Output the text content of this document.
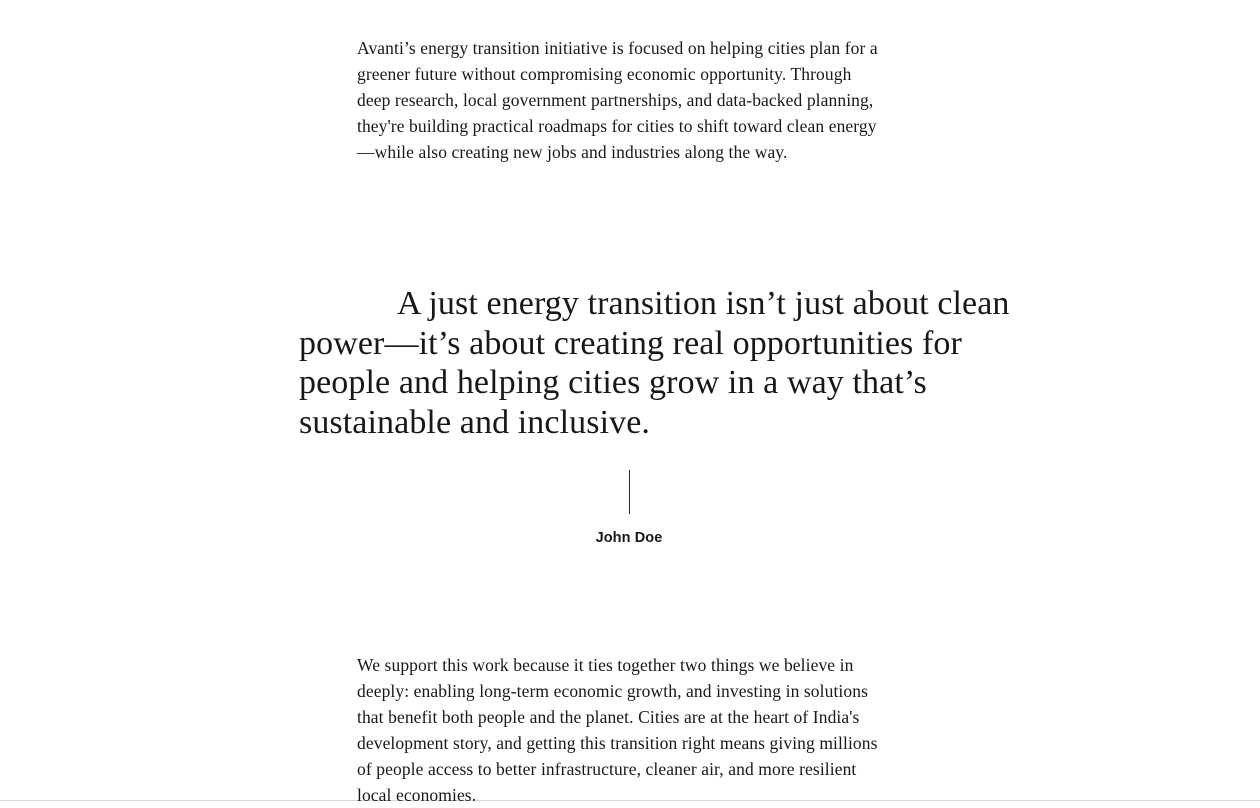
Avanti’s energy transition initiative is focused on helping cities plan for a greener future without compromising economic opportunity. Through deep research, local government partnerships, and data-backed planning, they're building practical roadmaps for cities to shift toward clean energy—while also creating new jobs and industries along the way.

A just energy transition isn’t just about clean power—it’s about creating real opportunities for people and helping cities grow in a way that’s sustainable and inclusive.
John Doe

We support this work because it ties together two things we believe in deeply: enabling long-term economic growth, and investing in solutions that benefit both people and the planet. Cities are at the heart of India's development story, and getting this transition right means giving millions of people access to better infrastructure, cleaner air, and more resilient local economies.
